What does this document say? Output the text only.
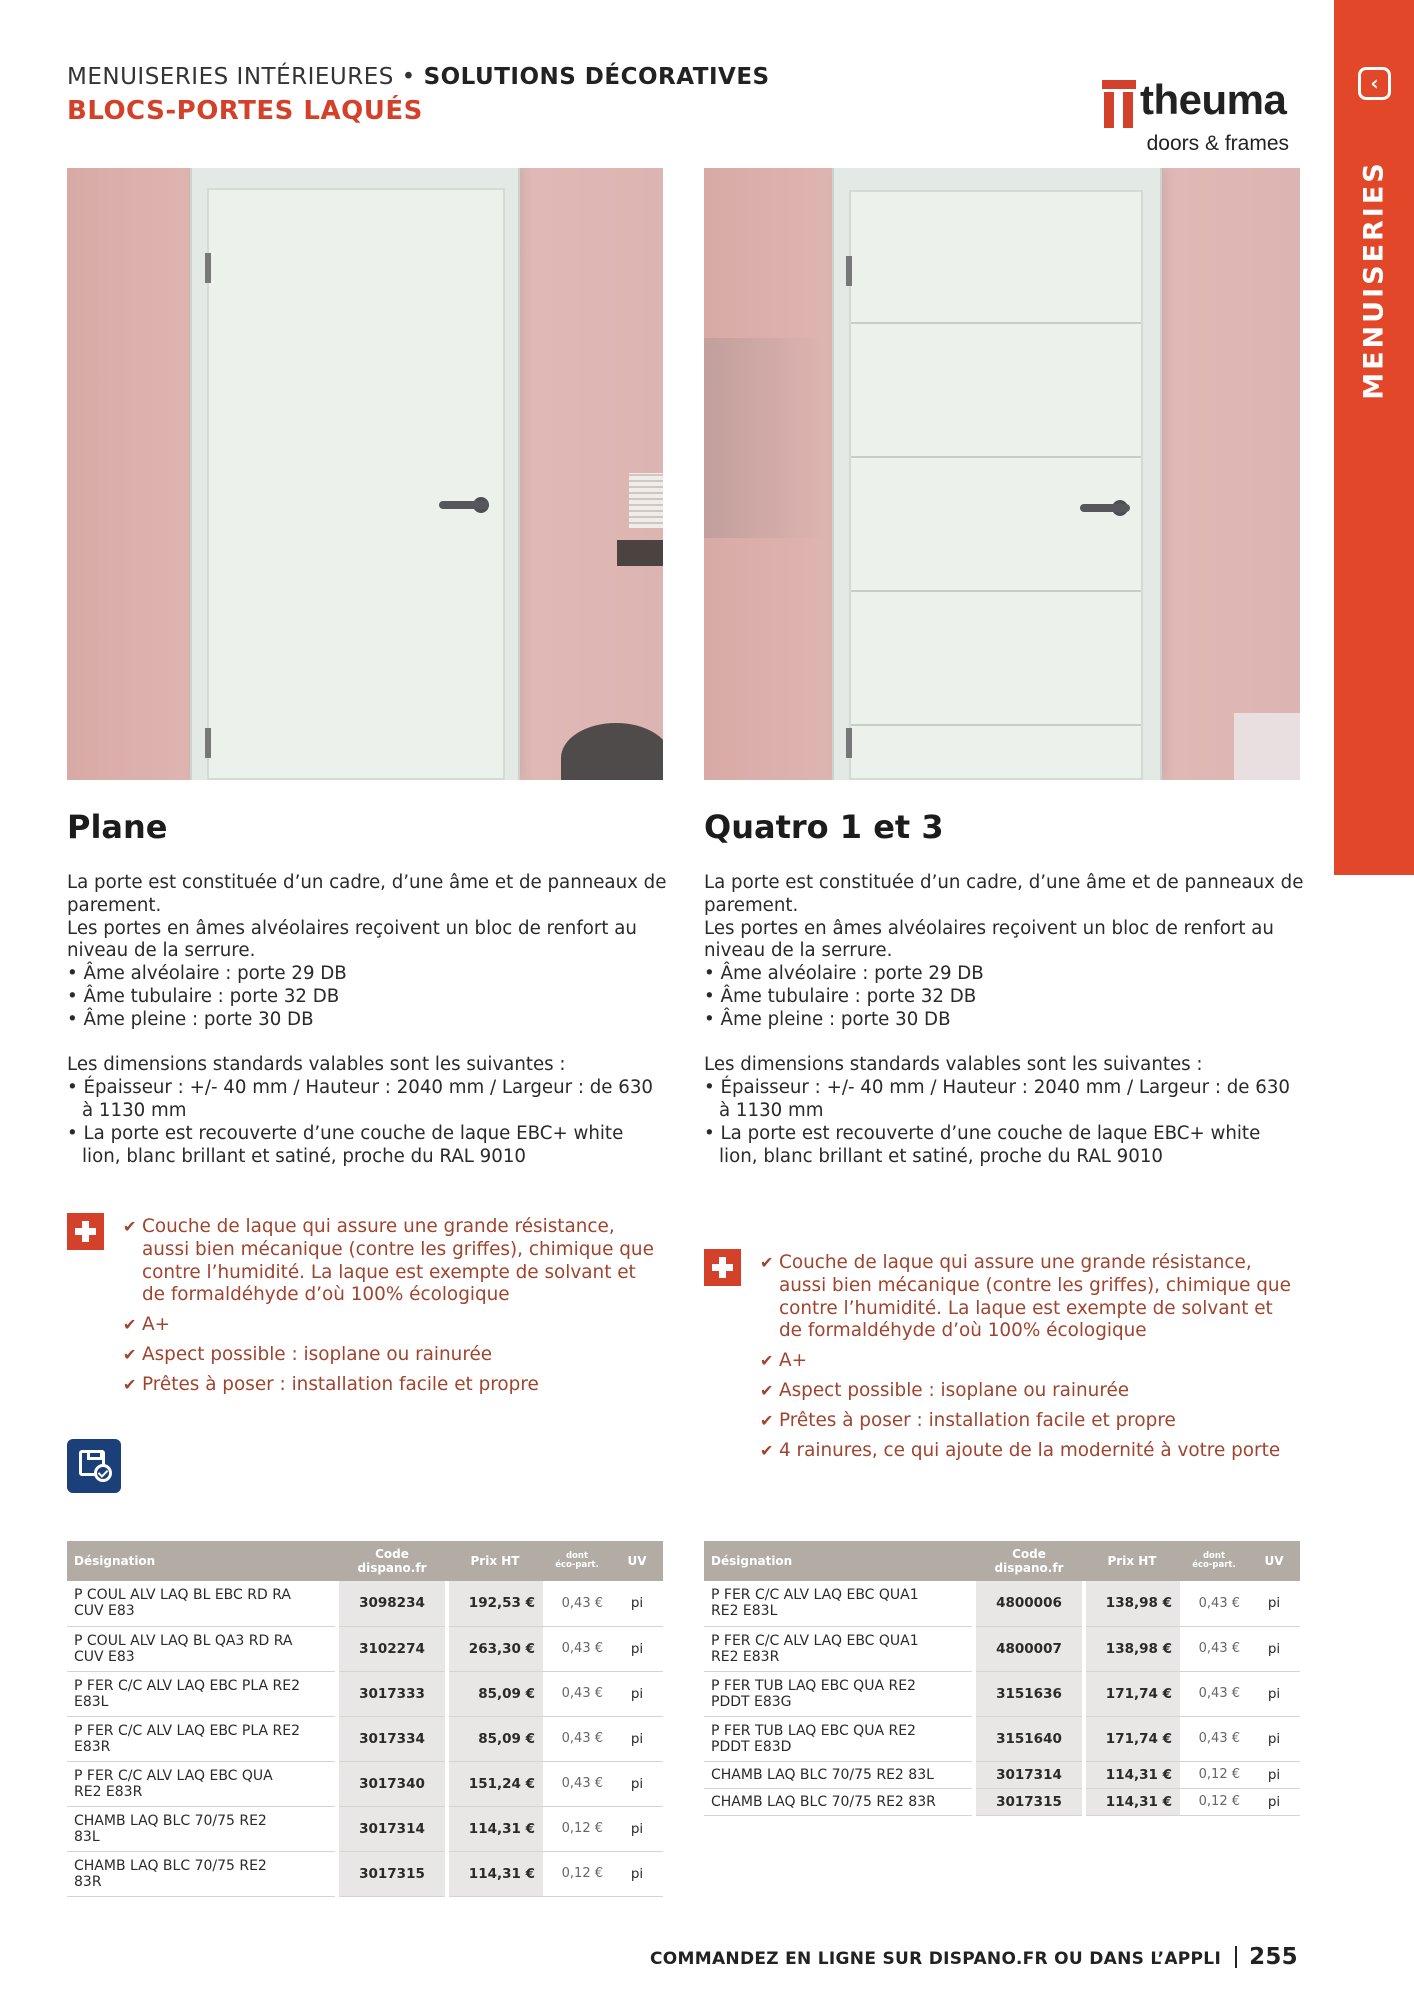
‹
MENUISERIES
MENUISERIES INTÉRIEURES • SOLUTIONS DÉCORATIVES
BLOCS-PORTES LAQUÉS	theuma
doors & frames
Plane
La porte est constituée d’un cadre, d’une âme et de panneaux de parement.
Les portes en âmes alvéolaires reçoivent un bloc de renfort au niveau de la serrure.
• Âme alvéolaire : porte 29 DB
• Âme tubulaire : porte 32 DB
• Âme pleine : porte 30 DB
Les dimensions standards valables sont les suivantes :
• Épaisseur : +/- 40 mm / Hauteur : 2040 mm / Largeur : de 630 à 1130 mm
• La porte est recouverte d’une couche de laque EBC+ white lion, blanc brillant et satiné, proche du RAL 9010
✔ Couche de laque qui assure une grande résistance, aussi bien mécanique (contre les griffes), chimique que contre l’humidité. La laque est exempte de solvant et de formaldéhyde d’où 100% écologique
✔ A+
✔ Aspect possible : isoplane ou rainurée
✔ Prêtes à poser : installation facile et propre
Quatro 1 et 3
La porte est constituée d’un cadre, d’une âme et de panneaux de parement.
Les portes en âmes alvéolaires reçoivent un bloc de renfort au niveau de la serrure.
• Âme alvéolaire : porte 29 DB
• Âme tubulaire : porte 32 DB
• Âme pleine : porte 30 DB
Les dimensions standards valables sont les suivantes :
• Épaisseur : +/- 40 mm / Hauteur : 2040 mm / Largeur : de 630 à 1130 mm
• La porte est recouverte d’une couche de laque EBC+ white lion, blanc brillant et satiné, proche du RAL 9010
✔ Couche de laque qui assure une grande résistance, aussi bien mécanique (contre les griffes), chimique que contre l’humidité. La laque est exempte de solvant et de formaldéhyde d’où 100% écologique
✔ A+
✔ Aspect possible : isoplane ou rainurée
✔ Prêtes à poser : installation facile et propre
✔ 4 rainures, ce qui ajoute de la modernité à votre porte
Désignation	Code
dispano.fr	Prix HT	dont
éco-part.	UV
P COUL ALV LAQ BL EBC RD RA
CUV E83	3098234	192,53 €	0,43 €	pi
P COUL ALV LAQ BL QA3 RD RA
CUV E83	3102274	263,30 €	0,43 €	pi
P FER C/C ALV LAQ EBC PLA RE2
E83L	3017333	85,09 €	0,43 €	pi
P FER C/C ALV LAQ EBC PLA RE2
E83R	3017334	85,09 €	0,43 €	pi
P FER C/C ALV LAQ EBC QUA
RE2 E83R	3017340	151,24 €	0,43 €	pi
CHAMB LAQ BLC 70/75 RE2
83L	3017314	114,31 €	0,12 €	pi
CHAMB LAQ BLC 70/75 RE2
83R	3017315	114,31 €	0,12 €	pi
Désignation	Code
dispano.fr	Prix HT	dont
éco-part.	UV
P FER C/C ALV LAQ EBC QUA1
RE2 E83L	4800006	138,98 €	0,43 €	pi
P FER C/C ALV LAQ EBC QUA1
RE2 E83R	4800007	138,98 €	0,43 €	pi
P FER TUB LAQ EBC QUA RE2
PDDT E83G	3151636	171,74 €	0,43 €	pi
P FER TUB LAQ EBC QUA RE2
PDDT E83D	3151640	171,74 €	0,43 €	pi
CHAMB LAQ BLC 70/75 RE2 83L	3017314	114,31 €	0,12 €	pi
CHAMB LAQ BLC 70/75 RE2 83R	3017315	114,31 €	0,12 €	pi
COMMANDEZ EN LIGNE SUR DISPANO.FR OU DANS L’APPLI 255
